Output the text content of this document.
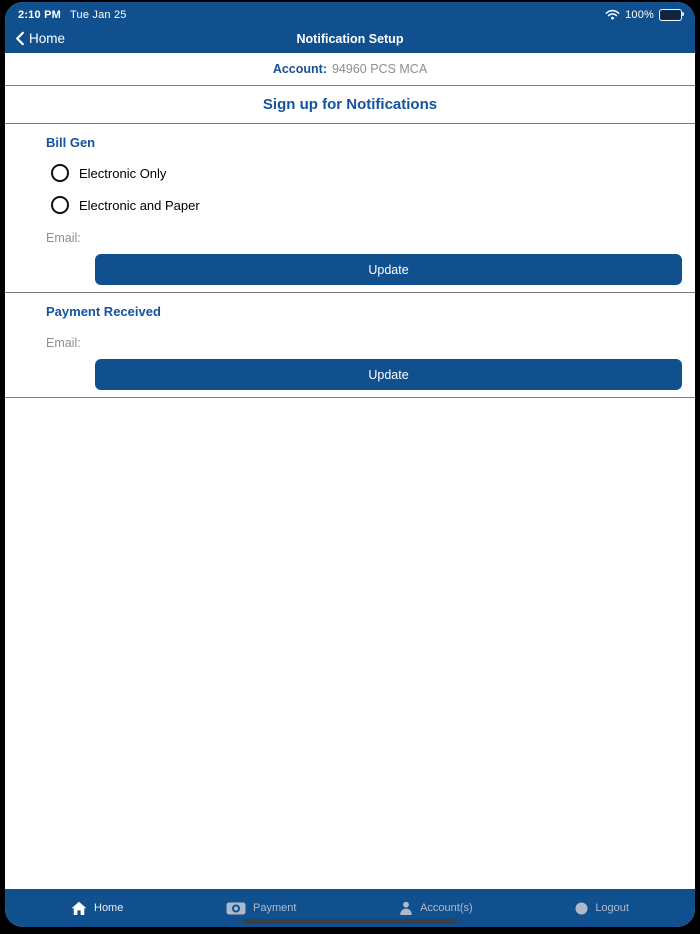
2:10 PM Tue Jan 25	100%
Home	Notification Setup
Account: 94960 PCS MCA
Sign up for Notifications
Bill Gen
Electronic Only
Electronic and Paper
Email:
Update
Payment Received
Email:
Update
Home	Payment	Account(s)	Logout
